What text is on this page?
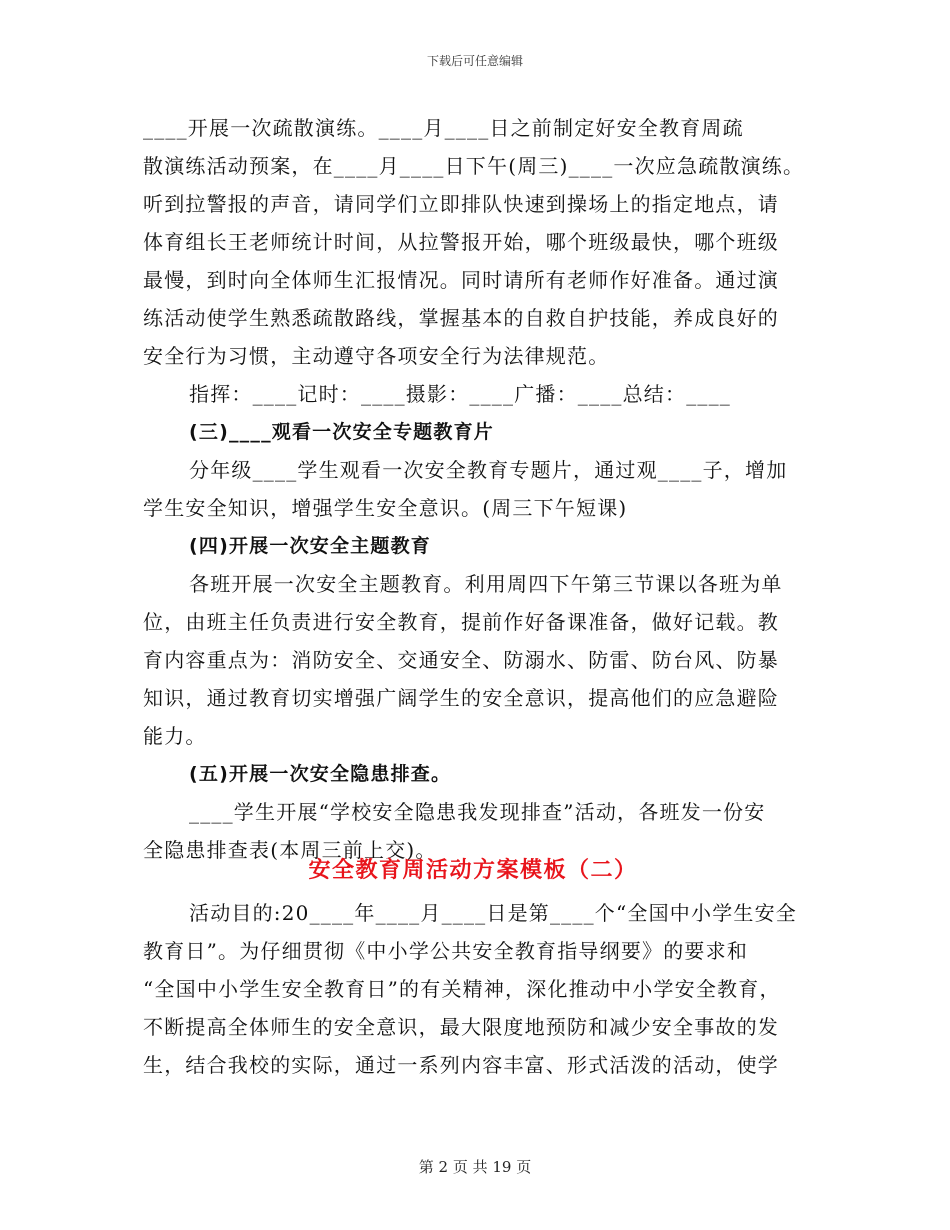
下载后可任意编辑
____开展一次疏散演练。____月____日之前制定好安全教育周疏
散演练活动预案，在____月____日下午(周三)____一次应急疏散演练。
听到拉警报的声音，请同学们立即排队快速到操场上的指定地点，请
体育组长王老师统计时间，从拉警报开始，哪个班级最快，哪个班级
最慢，到时向全体师生汇报情况。同时请所有老师作好准备。通过演
练活动使学生熟悉疏散路线，掌握基本的自救自护技能，养成良好的
安全行为习惯，主动遵守各项安全行为法律规范。
指挥：____记时：____摄影：____广播：____总结：____
(三)____观看一次安全专题教育片
分年级____学生观看一次安全教育专题片，通过观____子，增加
学生安全知识，增强学生安全意识。(周三下午短课)
(四)开展一次安全主题教育
各班开展一次安全主题教育。利用周四下午第三节课以各班为单
位，由班主任负责进行安全教育，提前作好备课准备，做好记载。教
育内容重点为：消防安全、交通安全、防溺水、防雷、防台风、防暴
知识，通过教育切实增强广阔学生的安全意识，提高他们的应急避险
能力。
(五)开展一次安全隐患排查。
____学生开展“学校安全隐患我发现排查”活动，各班发一份安
全隐患排查表(本周三前上交)。
安全教育周活动方案模板（二）
活动目的:20____年____月____日是第____个“全国中小学生安全
教育日”。为仔细贯彻《中小学公共安全教育指导纲要》的要求和
“全国中小学生安全教育日”的有关精神，深化推动中小学安全教育，
不断提高全体师生的安全意识，最大限度地预防和减少安全事故的发
生，结合我校的实际，通过一系列内容丰富、形式活泼的活动，使学
第 2 页 共 19 页
